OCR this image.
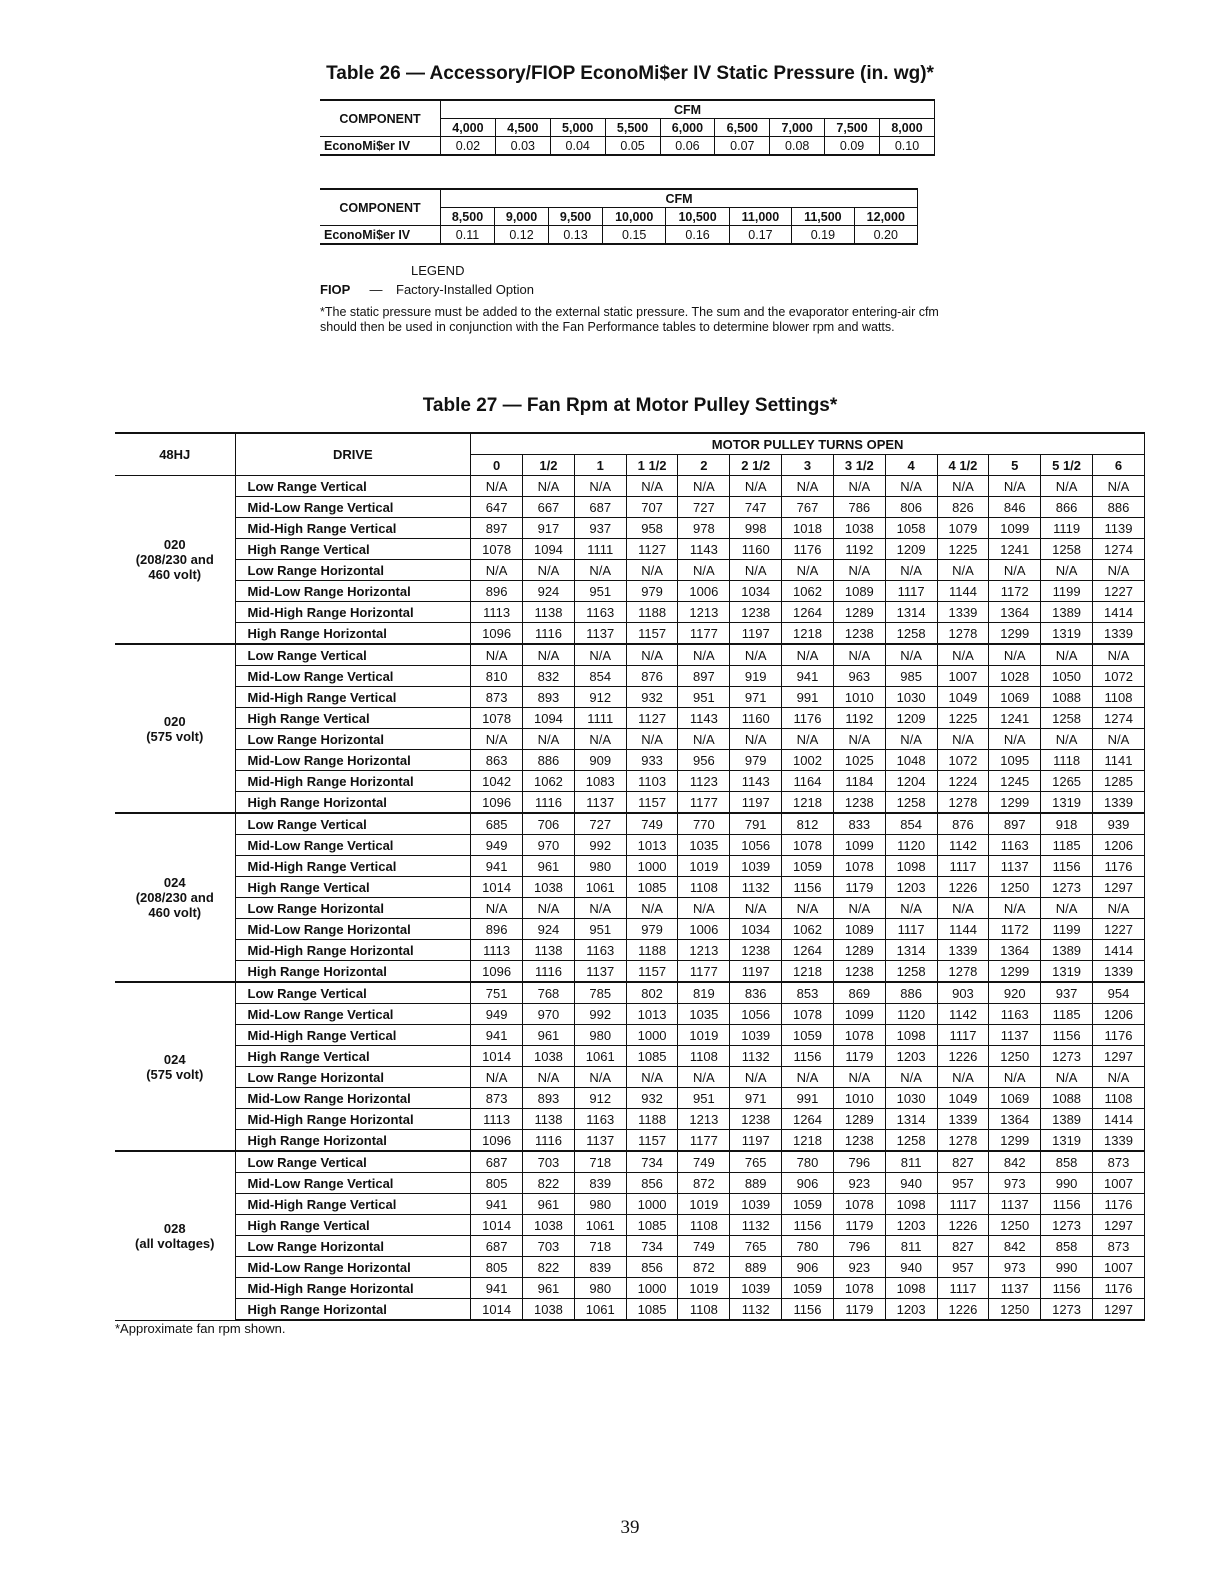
Table 26 — Accessory/FIOP EconoMi$er IV Static Pressure (in. wg)*
COMPONENT	CFM								
	4,000	4,500	5,000	5,500	6,000	6,500	7,000	7,500	8,000
EconoMi$er IV	0.02	0.03	0.04	0.05	0.06	0.07	0.08	0.09	0.10
COMPONENT	CFM							
	8,500	9,000	9,500	10,000	10,500	11,000	11,500	12,000
EconoMi$er IV	0.11	0.12	0.13	0.15	0.16	0.17	0.19	0.20
LEGEND
FIOP — Factory-Installed Option
*The static pressure must be added to the external static pressure. The sum and the evaporator entering-air cfm should then be used in conjunction with the Fan Performance tables to determine blower rpm and watts.
Table 27 — Fan Rpm at Motor Pulley Settings*
48HJ	DRIVE	MOTOR PULLEY TURNS OPEN												
		0	1/2	1	1 1/2	2	2 1/2	3	3 1/2	4	4 1/2	5	5 1/2	6

020
(208/230 and
460 volt)	Low Range Vertical	N/A	N/A	N/A	N/A	N/A	N/A	N/A	N/A	N/A	N/A	N/A	N/A	N/A
	Mid-Low Range Vertical	647	667	687	707	727	747	767	786	806	826	846	866	886
	Mid-High Range Vertical	897	917	937	958	978	998	1018	1038	1058	1079	1099	1119	1139
	High Range Vertical	1078	1094	1111	1127	1143	1160	1176	1192	1209	1225	1241	1258	1274
	Low Range Horizontal	N/A	N/A	N/A	N/A	N/A	N/A	N/A	N/A	N/A	N/A	N/A	N/A	N/A
	Mid-Low Range Horizontal	896	924	951	979	1006	1034	1062	1089	1117	1144	1172	1199	1227
	Mid-High Range Horizontal	1113	1138	1163	1188	1213	1238	1264	1289	1314	1339	1364	1389	1414
	High Range Horizontal	1096	1116	1137	1157	1177	1197	1218	1238	1258	1278	1299	1319	1339

020
(575 volt)	Low Range Vertical	N/A	N/A	N/A	N/A	N/A	N/A	N/A	N/A	N/A	N/A	N/A	N/A	N/A
	Mid-Low Range Vertical	810	832	854	876	897	919	941	963	985	1007	1028	1050	1072
	Mid-High Range Vertical	873	893	912	932	951	971	991	1010	1030	1049	1069	1088	1108
	High Range Vertical	1078	1094	1111	1127	1143	1160	1176	1192	1209	1225	1241	1258	1274
	Low Range Horizontal	N/A	N/A	N/A	N/A	N/A	N/A	N/A	N/A	N/A	N/A	N/A	N/A	N/A
	Mid-Low Range Horizontal	863	886	909	933	956	979	1002	1025	1048	1072	1095	1118	1141
	Mid-High Range Horizontal	1042	1062	1083	1103	1123	1143	1164	1184	1204	1224	1245	1265	1285
	High Range Horizontal	1096	1116	1137	1157	1177	1197	1218	1238	1258	1278	1299	1319	1339

024
(208/230 and
460 volt)	Low Range Vertical	685	706	727	749	770	791	812	833	854	876	897	918	939
	Mid-Low Range Vertical	949	970	992	1013	1035	1056	1078	1099	1120	1142	1163	1185	1206
	Mid-High Range Vertical	941	961	980	1000	1019	1039	1059	1078	1098	1117	1137	1156	1176
	High Range Vertical	1014	1038	1061	1085	1108	1132	1156	1179	1203	1226	1250	1273	1297
	Low Range Horizontal	N/A	N/A	N/A	N/A	N/A	N/A	N/A	N/A	N/A	N/A	N/A	N/A	N/A
	Mid-Low Range Horizontal	896	924	951	979	1006	1034	1062	1089	1117	1144	1172	1199	1227
	Mid-High Range Horizontal	1113	1138	1163	1188	1213	1238	1264	1289	1314	1339	1364	1389	1414
	High Range Horizontal	1096	1116	1137	1157	1177	1197	1218	1238	1258	1278	1299	1319	1339

024
(575 volt)	Low Range Vertical	751	768	785	802	819	836	853	869	886	903	920	937	954
	Mid-Low Range Vertical	949	970	992	1013	1035	1056	1078	1099	1120	1142	1163	1185	1206
	Mid-High Range Vertical	941	961	980	1000	1019	1039	1059	1078	1098	1117	1137	1156	1176
	High Range Vertical	1014	1038	1061	1085	1108	1132	1156	1179	1203	1226	1250	1273	1297
	Low Range Horizontal	N/A	N/A	N/A	N/A	N/A	N/A	N/A	N/A	N/A	N/A	N/A	N/A	N/A
	Mid-Low Range Horizontal	873	893	912	932	951	971	991	1010	1030	1049	1069	1088	1108
	Mid-High Range Horizontal	1113	1138	1163	1188	1213	1238	1264	1289	1314	1339	1364	1389	1414
	High Range Horizontal	1096	1116	1137	1157	1177	1197	1218	1238	1258	1278	1299	1319	1339

028
(all voltages)	Low Range Vertical	687	703	718	734	749	765	780	796	811	827	842	858	873
	Mid-Low Range Vertical	805	822	839	856	872	889	906	923	940	957	973	990	1007
	Mid-High Range Vertical	941	961	980	1000	1019	1039	1059	1078	1098	1117	1137	1156	1176
	High Range Vertical	1014	1038	1061	1085	1108	1132	1156	1179	1203	1226	1250	1273	1297
	Low Range Horizontal	687	703	718	734	749	765	780	796	811	827	842	858	873
	Mid-Low Range Horizontal	805	822	839	856	872	889	906	923	940	957	973	990	1007
	Mid-High Range Horizontal	941	961	980	1000	1019	1039	1059	1078	1098	1117	1137	1156	1176
	High Range Horizontal	1014	1038	1061	1085	1108	1132	1156	1179	1203	1226	1250	1273	1297
*Approximate fan rpm shown.
39
